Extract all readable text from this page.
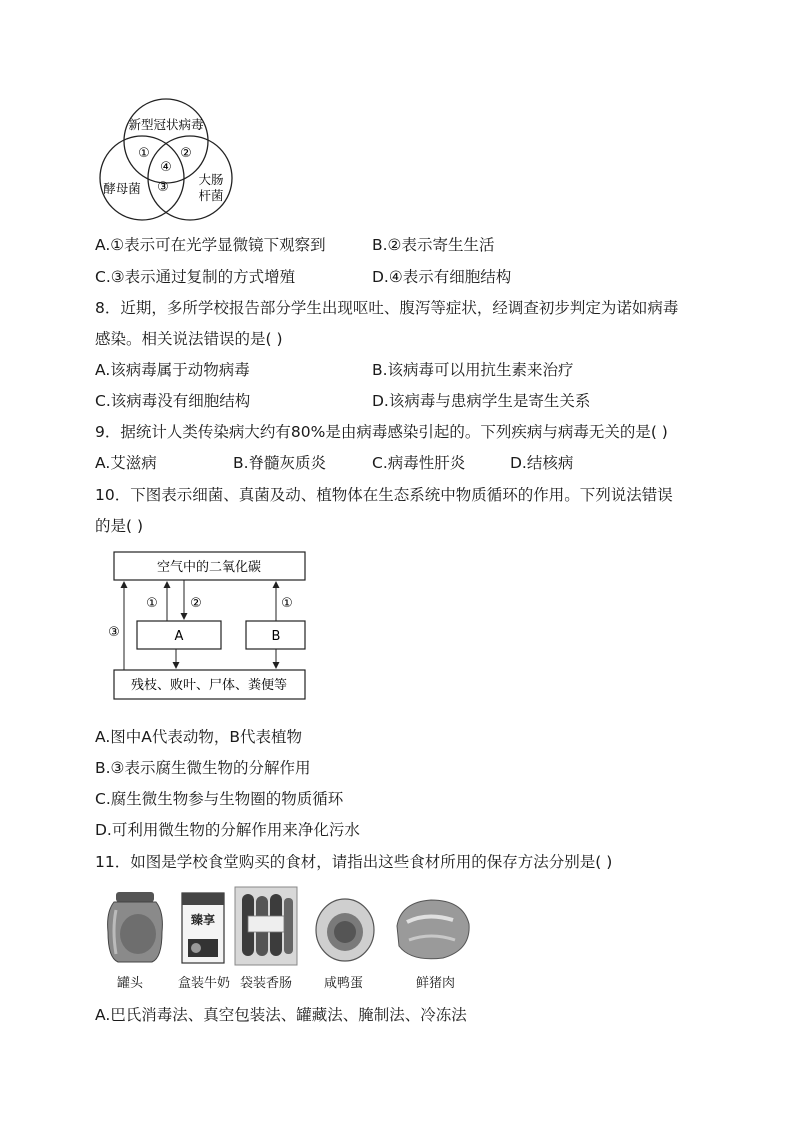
新型冠状病毒
酵母菌
大肠
杆菌
① ②
④
③
A.①表示可在光学显微镜下观察到	B.②表示寄生生活
C.③表示通过复制的方式增殖	D.④表示有细胞结构
8．近期，多所学校报告部分学生出现呕吐、腹泻等症状，经调查初步判定为诺如病毒
感染。相关说法错误的是( )
A.该病毒属于动物病毒	B.该病毒可以用抗生素来治疗
C.该病毒没有细胞结构	D.该病毒与患病学生是寄生关系
9．据统计人类传染病大约有80%是由病毒感染引起的。下列疾病与病毒无关的是( )
A.艾滋病	B.脊髓灰质炎	C.病毒性肝炎	D.结核病
10．下图表示细菌、真菌及动、植物体在生态系统中物质循环的作用。下列说法错误
的是( )
空气中的二氧化碳
A	B
残枝、败叶、尸体、粪便等
① ②	①
③
A.图中A代表动物，B代表植物
B.③表示腐生微生物的分解作用
C.腐生微生物参与生物圈的物质循环
D.可利用微生物的分解作用来净化污水
11．如图是学校食堂购买的食材，请指出这些食材所用的保存方法分别是( )
臻享
罐头	盒装牛奶 袋装香肠 咸鸭蛋	鲜猪肉
A.巴氏消毒法、真空包装法、罐藏法、腌制法、冷冻法
